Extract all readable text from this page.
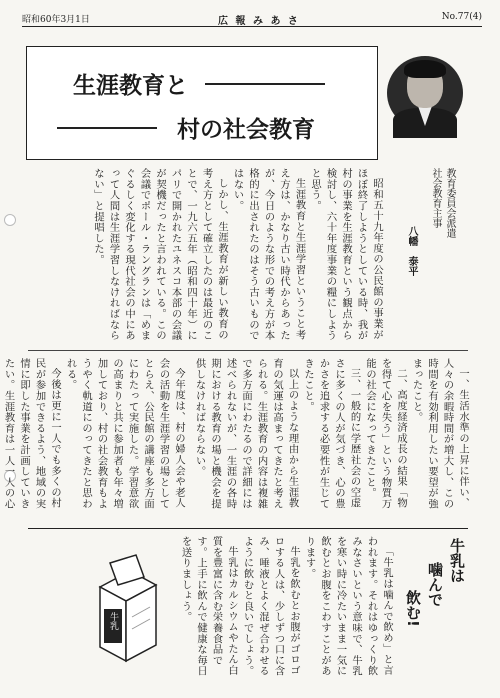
昭和60年3月1日	広 報 み あ さ	No.77(4)
生涯教育と
村の社会教育
教育委員会派遣
社会教育主事
八幡　泰平

昭和五十九年度の公民館の事業がほぼ終了しようとしている時、我が村の事業を生涯教育という観点から検討し、六十年度事業の糧にしようと思う。

生涯教育と生涯学習ということ考え方は、かなり古い時代からあったが、今日のような形での考え方が本格的に出されたのはそう古いものではない。

しかし、生涯教育が新しい教育の考え方として確立したのは最近のことで、一九六五年（昭和四十年）にパリで開かれたユネスコ本部の会議が契機だったと言われている。この会議でポール・ラングランは「めまぐるしく変化する現代社会の中にあって人間は生涯学習しなければならない」と提唱した。

一、生活水準の上昇に伴い、人々の余暇時間が増大し、この時間を有効利用したい要望が強まったこと。

二、高度経済成長の結果「物を得て心を失う」という物質万能の社会になってきたこと。

三、一般的に学歴社会の空虚さに多くの人が気づき、心の豊かさを追求する必要性が生じてきたこと。

以上のような理由から生涯教育の気運は高まってきたと考えられる。生涯教育の内容は複雑で多方面にわたるので詳細には述べられないが、一生涯の各時期における教育の場と機会を提供しなければならない。

今年度は、村の婦人会や老人会の活動を生涯学習の場としてとらえ、公民館の講座も多方面にわたって実施した。学習意欲の高まりと共に参加者も年々増加しており、村の社会教育もようやく軌道にのってきたと思われる。

今後は更に一人でも多くの村民が参加できるよう、地域の実情に即した事業を計画していきたい。生涯教育は一人一人の心

牛乳は
噛んで
飲む!

「牛乳は噛んで飲め」と言われます。それはゆっくり飲みなさいという意味で、牛乳を寒い時に冷たいまま一気に飲むとお腹をこわすことがあります。

牛乳を飲むとお腹がゴロゴロする人は、少しずつ口に含み、唾液とよく混ぜ合わせるように飲むと良いでしょう。

牛乳はカルシウムやたん白質を豊富に含む栄養食品です。上手に飲んで健康な毎日を送りましょう。

牛乳
